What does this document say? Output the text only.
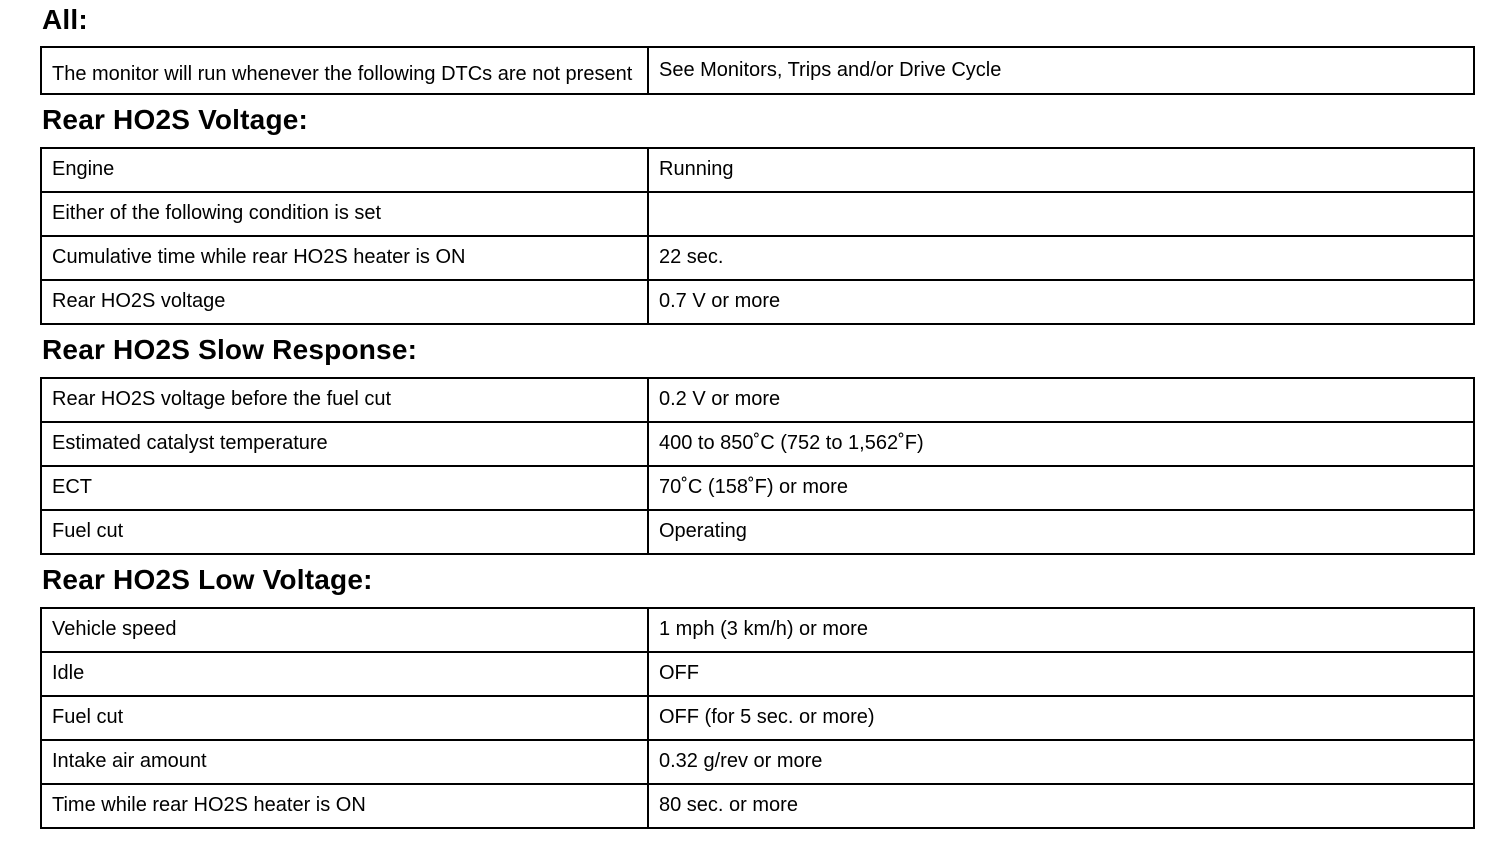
All:
The monitor will run whenever the following DTCs are not present	See Monitors, Trips and/or Drive Cycle
Rear HO2S Voltage:
Engine	Running
Either of the following condition is set	
Cumulative time while rear HO2S heater is ON	22 sec.
Rear HO2S voltage	0.7 V or more
Rear HO2S Slow Response:
Rear HO2S voltage before the fuel cut	0.2 V or more
Estimated catalyst temperature	400 to 850˚C (752 to 1,562˚F)
ECT	70˚C (158˚F) or more
Fuel cut	Operating
Rear HO2S Low Voltage:
Vehicle speed	1 mph (3 km/h) or more
Idle	OFF
Fuel cut	OFF (for 5 sec. or more)
Intake air amount	0.32 g/rev or more
Time while rear HO2S heater is ON	80 sec. or more
